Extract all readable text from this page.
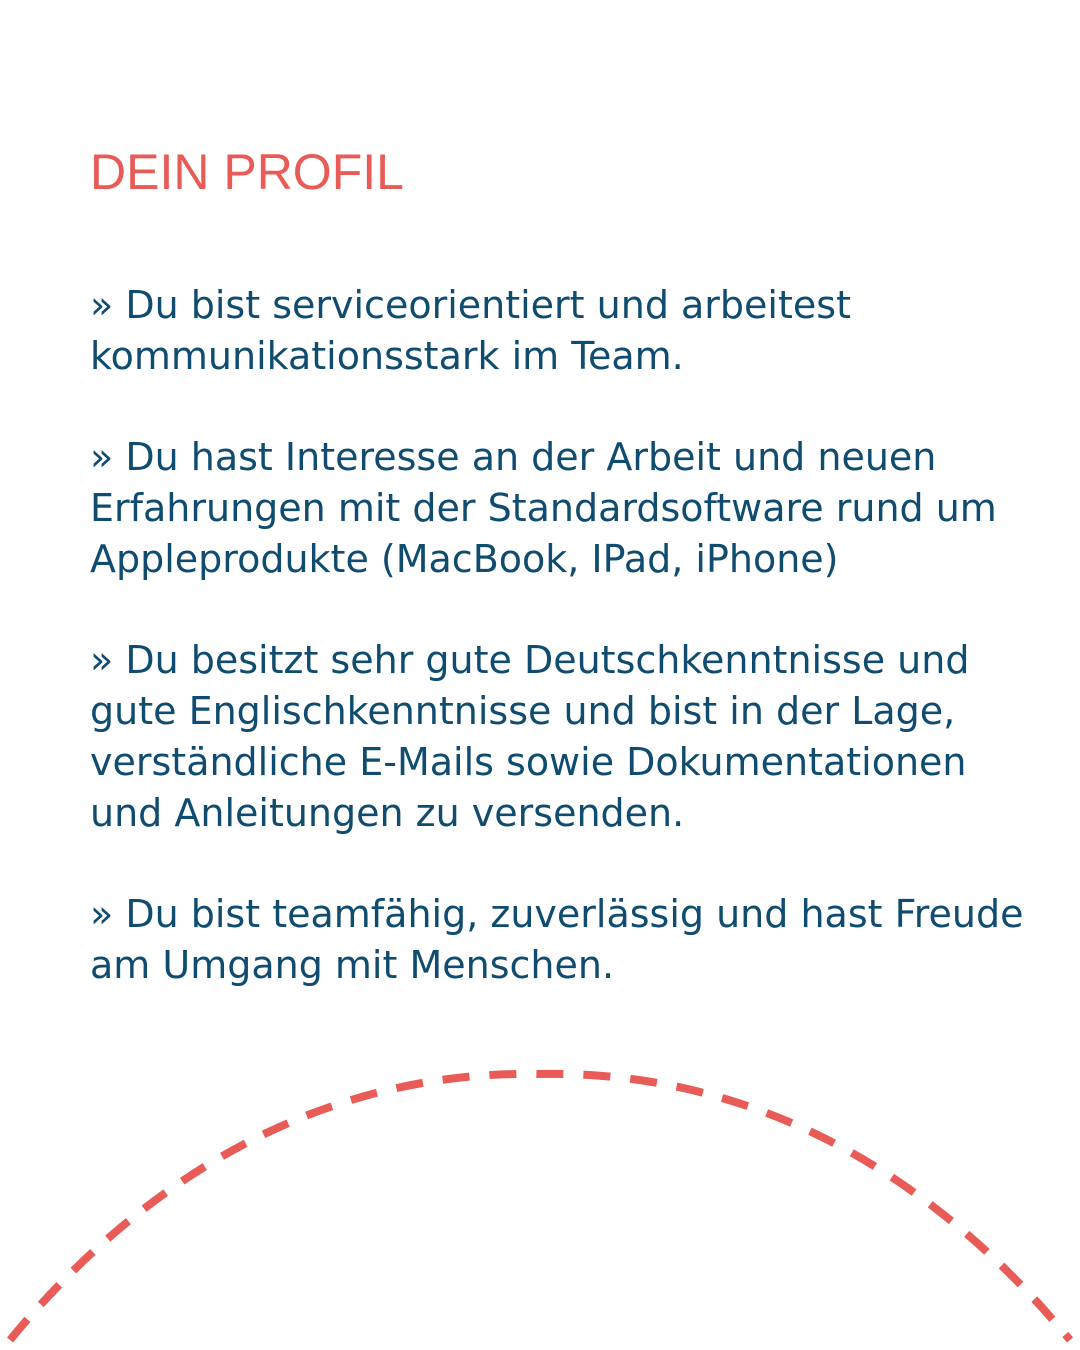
DEIN PROFIL

» Du bist serviceorientiert und arbeitest
kommunikationsstark im Team.

» Du hast Interesse an der Arbeit und neuen
Erfahrungen mit der Standardsoftware rund um
Appleprodukte (MacBook, IPad, iPhone)

» Du besitzt sehr gute Deutschkenntnisse und
gute Englischkenntnisse und bist in der Lage,
verständliche E-Mails sowie Dokumentationen
und Anleitungen zu versenden.

» Du bist teamfähig, zuverlässig und hast Freude
am Umgang mit Menschen.
